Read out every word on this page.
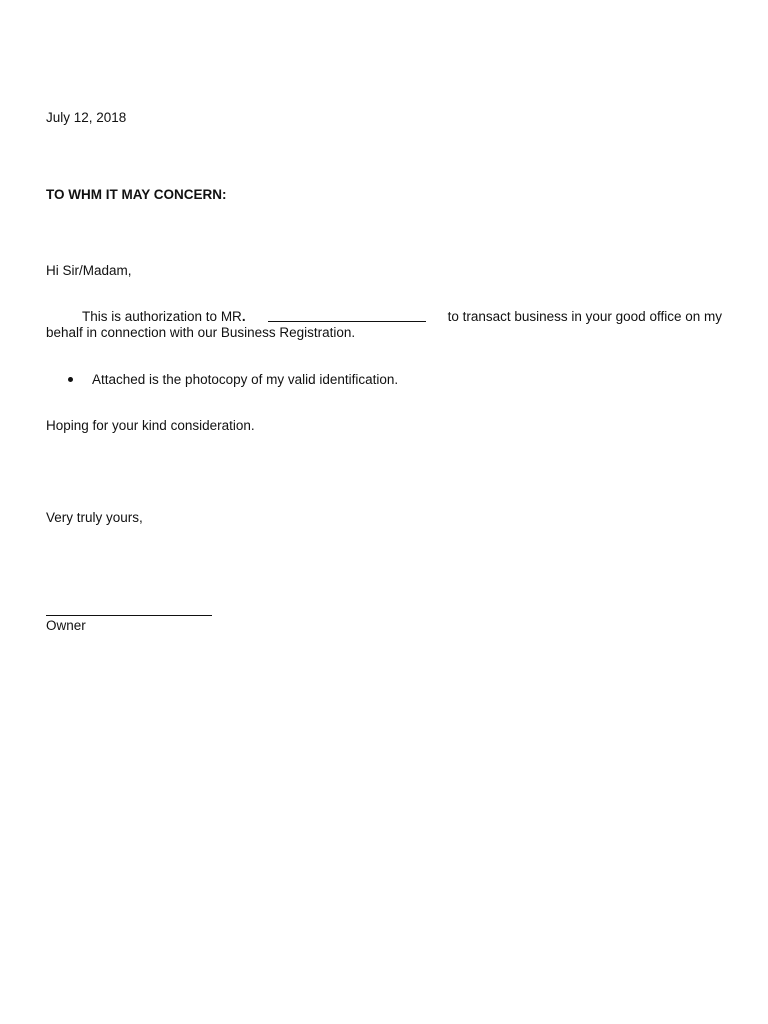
July 12, 2018
TO WHM IT MAY CONCERN:
Hi Sir/Madam,
This is authorization to MR.	to transact business in your good office on my
behalf in connection with our Business Registration.
Attached is the photocopy of my valid identification.
Hoping for your kind consideration.
Very truly yours,
Owner
